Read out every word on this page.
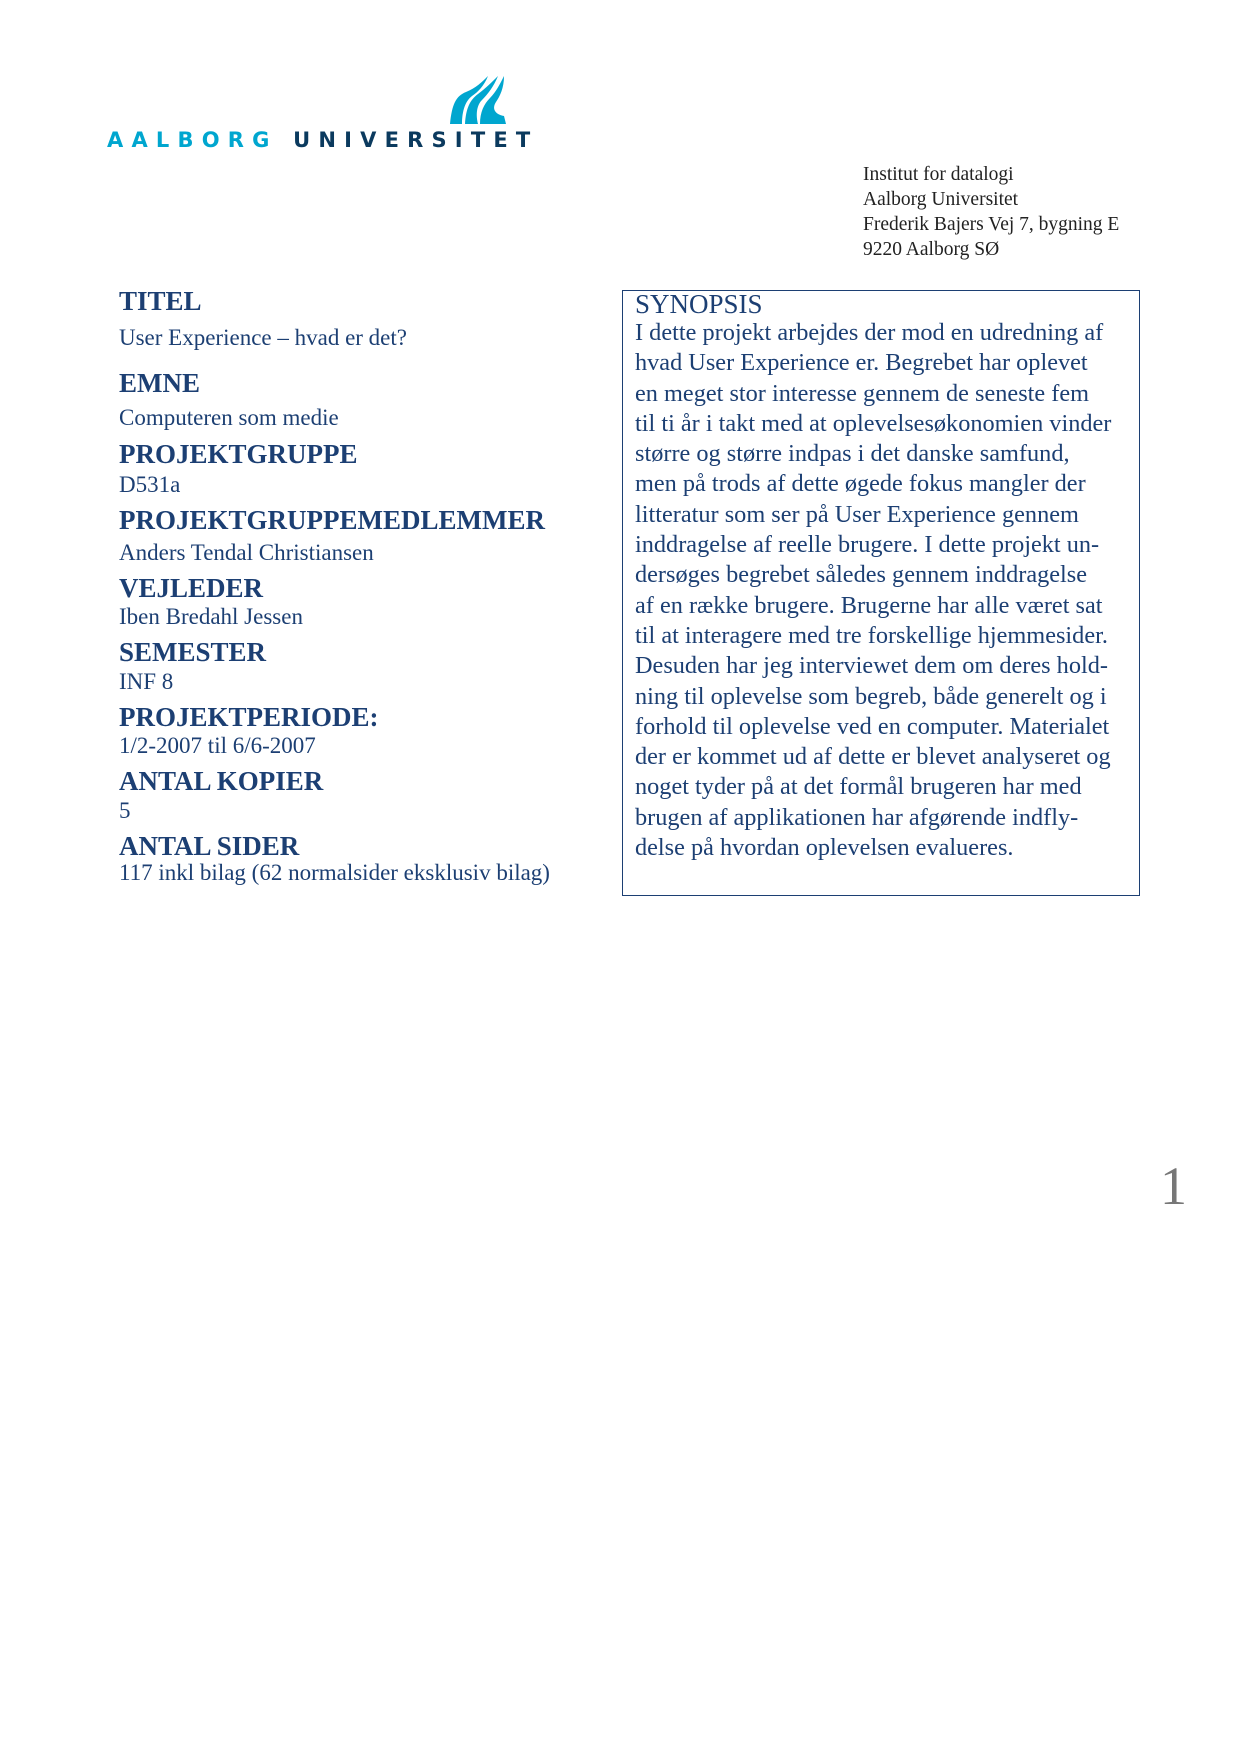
AALBORG UNIVERSITET
Institut for datalogi
Aalborg Universitet
Frederik Bajers Vej 7, bygning E
9220 Aalborg SØ
TITEL
User Experience – hvad er det?
EMNE
Computeren som medie
PROJEKTGRUPPE
D531a
PROJEKTGRUPPEMEDLEMMER
Anders Tendal Christiansen
VEJLEDER
Iben Bredahl Jessen
SEMESTER
INF 8
PROJEKTPERIODE:
1/2-2007 til 6/6-2007
ANTAL KOPIER
5
ANTAL SIDER
117 inkl bilag (62 normalsider eksklusiv bilag)
SYNOPSIS
I dette projekt arbejdes der mod en udredning af
hvad User Experience er. Begrebet har oplevet
en meget stor interesse gennem de seneste fem
til ti år i takt med at oplevelsesøkonomien vinder
større og større indpas i det danske samfund,
men på trods af dette øgede fokus mangler der
litteratur som ser på User Experience gennem
inddragelse af reelle brugere. I dette projekt un-
dersøges begrebet således gennem inddragelse
af en række brugere. Brugerne har alle været sat
til at interagere med tre forskellige hjemmesider.
Desuden har jeg interviewet dem om deres hold-
ning til oplevelse som begreb, både generelt og i
forhold til oplevelse ved en computer. Materialet
der er kommet ud af dette er blevet analyseret og
noget tyder på at det formål brugeren har med
brugen af applikationen har afgørende indfly-
delse på hvordan oplevelsen evalueres.
1
